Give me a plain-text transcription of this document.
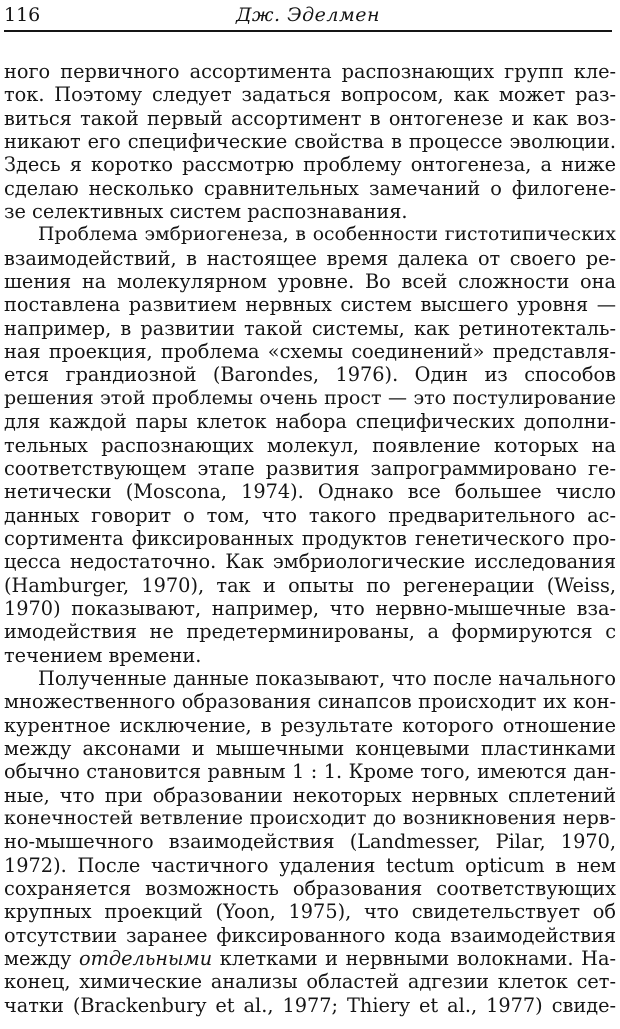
116	Дж. Эделмен
ного первичного ассортимента распознающих групп кле-
ток. Поэтому следует задаться вопросом, как может раз-
виться такой первый ассортимент в онтогенезе и как воз-
никают его специфические свойства в процессе эволюции.
Здесь я коротко рассмотрю проблему онтогенеза, а ниже
сделаю несколько сравнительных замечаний о филогене-
зе селективных систем распознавания.
Проблема эмбриогенеза, в особенности гистотипических
взаимодействий, в настоящее время далека от своего ре-
шения на молекулярном уровне. Во всей сложности она
поставлена развитием нервных систем высшего уровня —
например, в развитии такой системы, как ретинотекталь-
ная проекция, проблема «схемы соединений» представля-
ется грандиозной (Barondes, 1976). Один из способов
решения этой проблемы очень прост — это постулирование
для каждой пары клеток набора специфических дополни-
тельных распознающих молекул, появление которых на
соответствующем этапе развития запрограммировано ге-
нетически (Moscona, 1974). Однако все большее число
данных говорит о том, что такого предварительного ас-
сортимента фиксированных продуктов генетического про-
цесса недостаточно. Как эмбриологические исследования
(Hamburger, 1970), так и опыты по регенерации (Weiss,
1970) показывают, например, что нервно-мышечные вза-
имодействия не предетерминированы, а формируются с
течением времени.
Полученные данные показывают, что после начального
множественного образования синапсов происходит их кон-
курентное исключение, в результате которого отношение
между аксонами и мышечными концевыми пластинками
обычно становится равным 1 : 1. Кроме того, имеются дан-
ные, что при образовании некоторых нервных сплетений
конечностей ветвление происходит до возникновения нерв-
но-мышечного взаимодействия (Landmesser, Pilar, 1970,
1972). После частичного удаления tectum opticum в нем
сохраняется возможность образования соответствующих
крупных проекций (Yoon, 1975), что свидетельствует об
отсутствии заранее фиксированного кода взаимодействия
между отдельными клетками и нервными волокнами. На-
конец, химические анализы областей адгезии клеток сет-
чатки (Brackenbury et al., 1977; Thiery et al., 1977) свиде-
